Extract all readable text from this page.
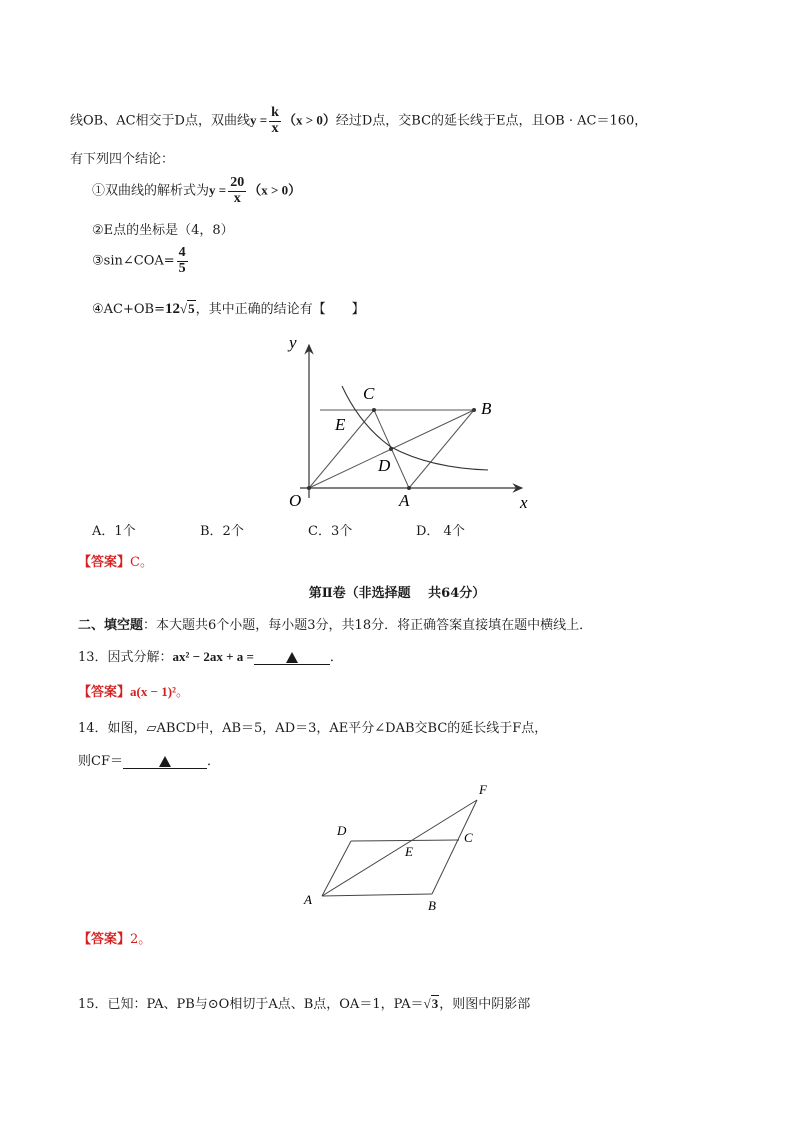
线OB、AC相交于D点，双曲线$y = \frac{k}{x} (x > 0)$经过D点，交BC的延长线于E点，且OB · AC＝160，
有下列四个结论：
①双曲线的解析式为$y = \frac{20}{x} (x > 0)$
②E点的坐标是（4，8）
③sin∠COA= $\frac{4}{5}$
④AC+OB=12√5，其中正确的结论有【　　】
y
x
O	A
B
C
E
D
A．1个	B．2个	C．3个	D． 4个
【答案】C。
第Ⅱ卷（非选择题　 共64分）
二、填空题：本大题共6个小题，每小题3分，共18分．将正确答案直接填在题中横线上．
13．因式分解：ax² − 2ax + a =	．
【答案】a(x − 1)²。
14．如图，▱ABCD中，AB＝5，AD＝3，AE平分∠DAB交BC的延长线于F点，
则CF＝	．
A	B
C
D
E
F
【答案】2。
15．已知：PA、PB与⊙O相切于A点、B点，OA＝1，PA＝√3，则图中阴影部
